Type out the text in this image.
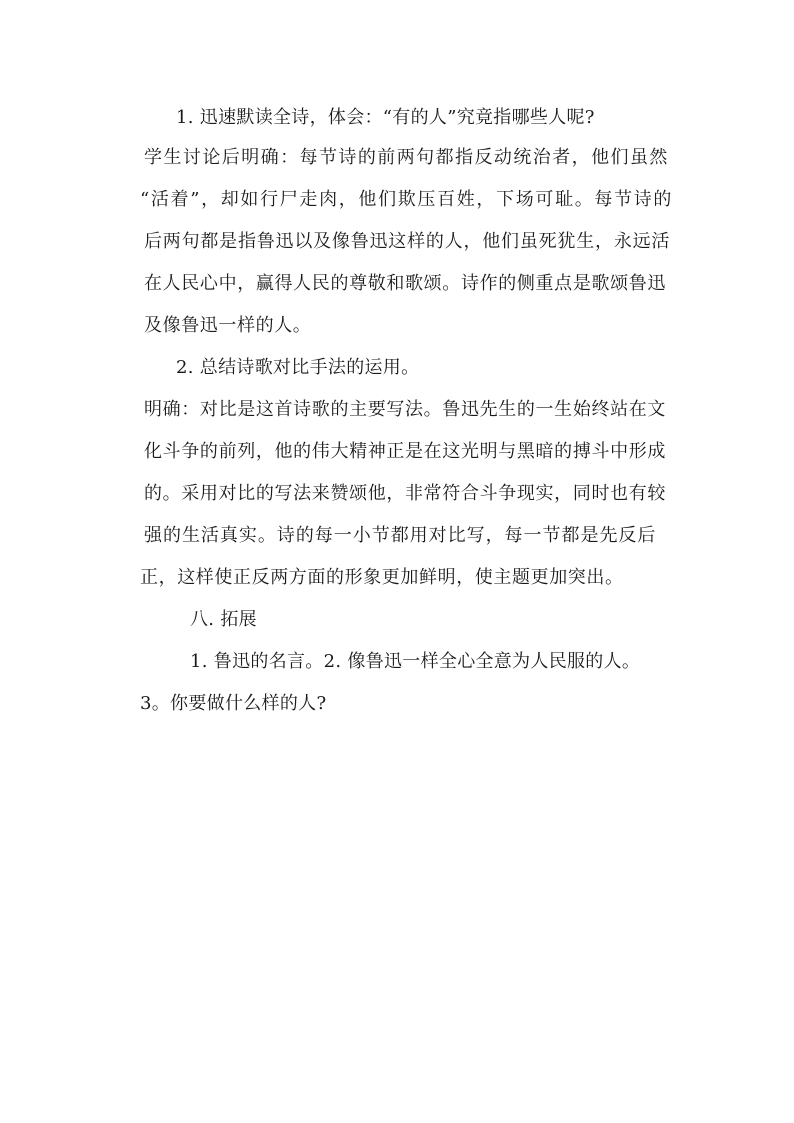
1. 迅速默读全诗，体会：“有的人”究竟指哪些人呢?
学生讨论后明确：每节诗的前两句都指反动统治者，他们虽然
“活着”，却如行尸走肉，他们欺压百姓，下场可耻。每节诗的
后两句都是指鲁迅以及像鲁迅这样的人，他们虽死犹生，永远活
在人民心中，赢得人民的尊敬和歌颂。诗作的侧重点是歌颂鲁迅
及像鲁迅一样的人。
2. 总结诗歌对比手法的运用。
明确：对比是这首诗歌的主要写法。鲁迅先生的一生始终站在文
化斗争的前列，他的伟大精神正是在这光明与黑暗的搏斗中形成
的。采用对比的写法来赞颂他，非常符合斗争现实，同时也有较
强的生活真实。诗的每一小节都用对比写，每一节都是先反后
正，这样使正反两方面的形象更加鲜明，使主题更加突出。
八. 拓展
1. 鲁迅的名言。2. 像鲁迅一样全心全意为人民服的人。
3。你要做什么样的人?
